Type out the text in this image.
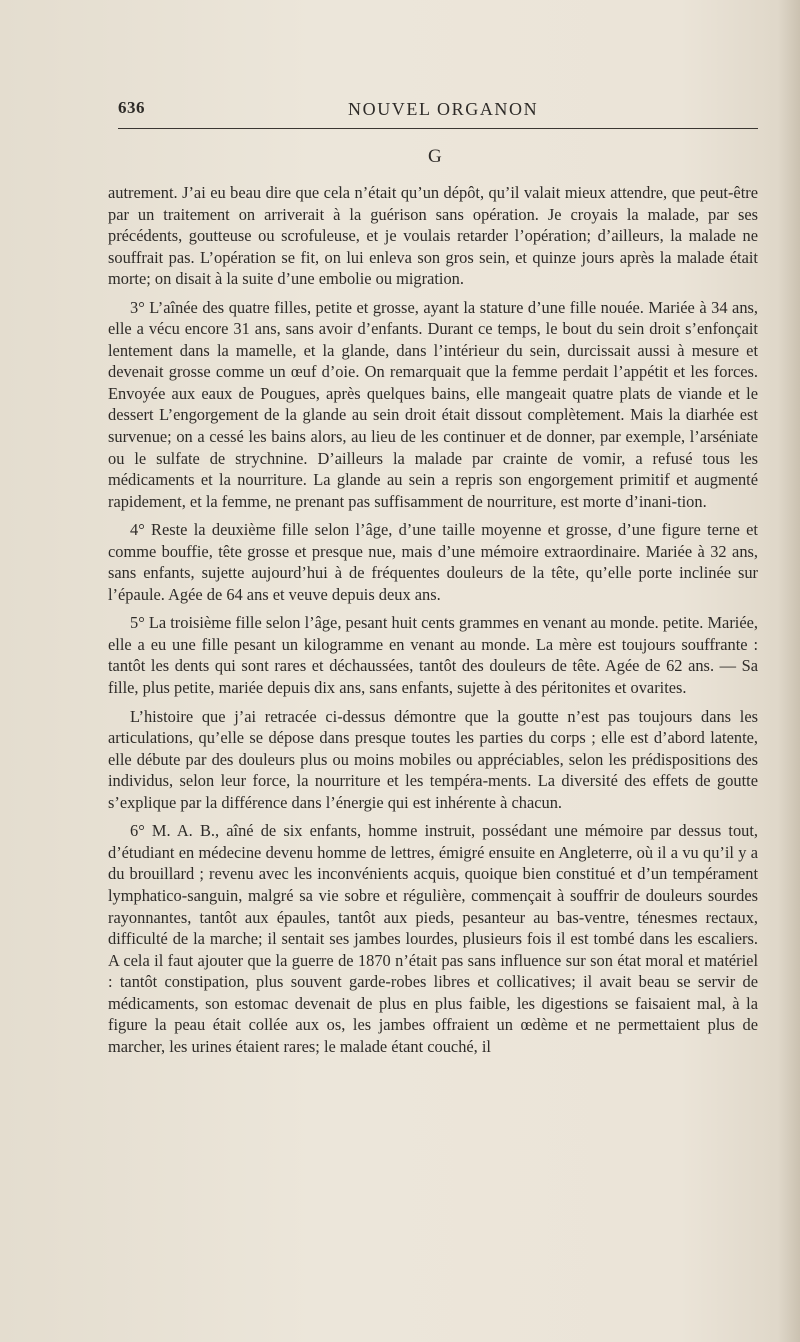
636	NOUVEL ORGANON
G

autrement. J’ai eu beau dire que cela n’était qu’un dépôt, qu’il valait mieux attendre, que peut-être par un traitement on arriverait à la guérison sans opération. Je croyais la malade, par ses précédents, goutteuse ou scrofuleuse, et je voulais retarder l’opération; d’ailleurs, la malade ne souffrait pas. L’opération se fit, on lui enleva son gros sein, et quinze jours après la malade était morte; on disait à la suite d’une embolie ou migration.

3° L’aînée des quatre filles, petite et grosse, ayant la stature d’une fille nouée. Mariée à 34 ans, elle a vécu encore 31 ans, sans avoir d’enfants. Durant ce temps, le bout du sein droit s’enfonçait lentement dans la mamelle, et la glande, dans l’intérieur du sein, durcissait aussi à mesure et devenait grosse comme un œuf d’oie. On remarquait que la femme perdait l’appétit et les forces. Envoyée aux eaux de Pougues, après quelques bains, elle mangeait quatre plats de viande et le dessert L’engorgement de la glande au sein droit était dissout complètement. Mais la diarhée est survenue; on a cessé les bains alors, au lieu de les continuer et de donner, par exemple, l’arséniate ou le sulfate de strychnine. D’ailleurs la malade par crainte de vomir, a refusé tous les médicaments et la nourriture. La glande au sein a repris son engorgement primitif et augmenté rapidement, et la femme, ne prenant pas suffisamment de nourriture, est morte d’inani-tion.

4° Reste la deuxième fille selon l’âge, d’une taille moyenne et grosse, d’une figure terne et comme bouffie, tête grosse et presque nue, mais d’une mémoire extraordinaire. Mariée à 32 ans, sans enfants, sujette aujourd’hui à de fréquentes douleurs de la tête, qu’elle porte inclinée sur l’épaule. Agée de 64 ans et veuve depuis deux ans.

5° La troisième fille selon l’âge, pesant huit cents grammes en venant au monde. petite. Mariée, elle a eu une fille pesant un kilogramme en venant au monde. La mère est toujours souffrante : tantôt les dents qui sont rares et déchaussées, tantôt des douleurs de tête. Agée de 62 ans. — Sa fille, plus petite, mariée depuis dix ans, sans enfants, sujette à des péritonites et ovarites.

L’histoire que j’ai retracée ci-dessus démontre que la goutte n’est pas toujours dans les articulations, qu’elle se dépose dans presque toutes les parties du corps ; elle est d’abord latente, elle débute par des douleurs plus ou moins mobiles ou appréciables, selon les prédispositions des individus, selon leur force, la nourriture et les tempéra-ments. La diversité des effets de goutte s’explique par la différence dans l’énergie qui est inhérente à chacun.

6° M. A. B., aîné de six enfants, homme instruit, possédant une mémoire par dessus tout, d’étudiant en médecine devenu homme de lettres, émigré ensuite en Angleterre, où il a vu qu’il y a du brouillard ; revenu avec les inconvénients acquis, quoique bien constitué et d’un tempérament lymphatico-sanguin, malgré sa vie sobre et régulière, commençait à souffrir de douleurs sourdes rayonnantes, tantôt aux épaules, tantôt aux pieds, pesanteur au bas-ventre, ténesmes rectaux, difficulté de la marche; il sentait ses jambes lourdes, plusieurs fois il est tombé dans les escaliers. A cela il faut ajouter que la guerre de 1870 n’était pas sans influence sur son état moral et matériel : tantôt constipation, plus souvent garde-robes libres et collicatives; il avait beau se servir de médicaments, son estomac devenait de plus en plus faible, les digestions se faisaient mal, à la figure la peau était collée aux os, les jambes offraient un œdème et ne permettaient plus de marcher, les urines étaient rares; le malade étant couché, il
